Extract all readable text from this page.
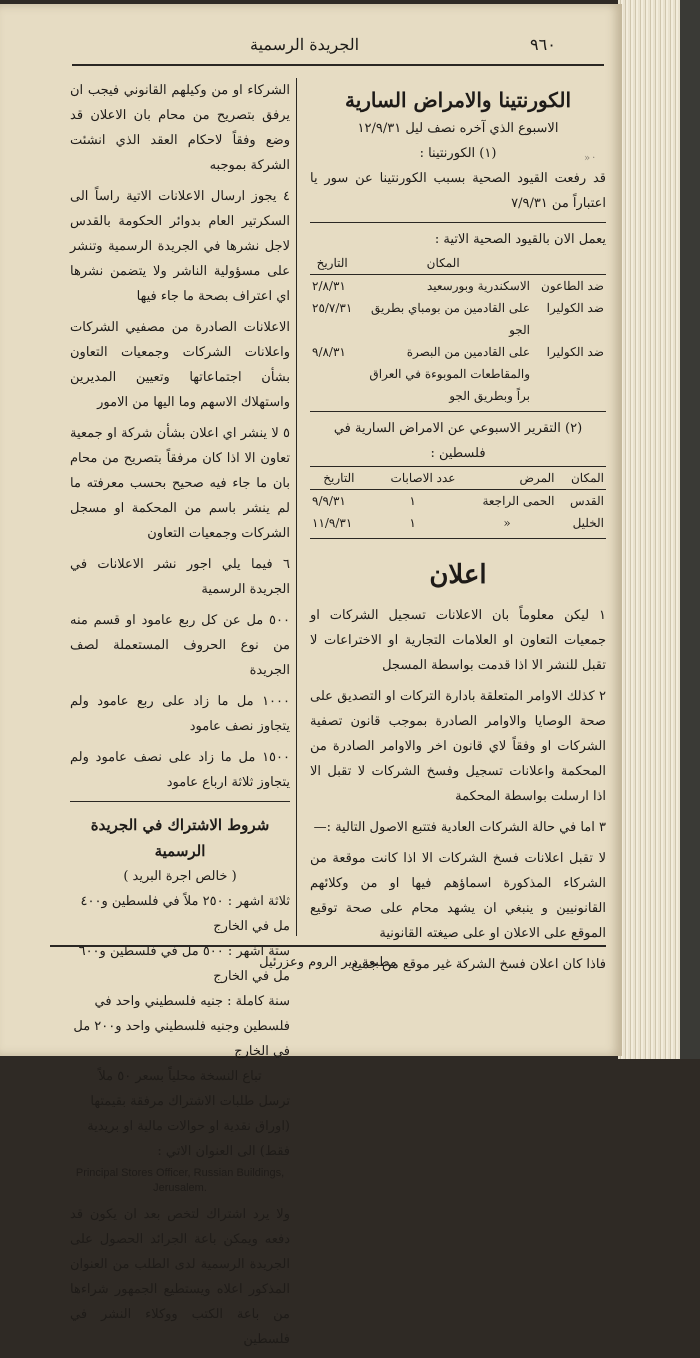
٩٦٠
الجريدة الرسمية
»·
الكورنتينا والامراض السارية
الاسبوع الذي آخره نصف ليل ١٢/٩/٣١
(١) الكورنتينا :
قد رفعت القيود الصحية بسبب الكورنتينا عن سور يا اعتباراً من ٧/٩/٣١
يعمل الان بالقيود الصحية الاتية :
	المكان	التاريخ
ضد الطاعون	الاسكندرية وبورسعيد	٢/٨/٣١
ضد الكوليرا	على القادمين من بومباي بطريق الجو	٢٥/٧/٣١
ضد الكوليرا	على القادمين من البصرة والمقاطعات الموبوءة في العراق براً وبطريق الجو	٩/٨/٣١
(٢) التقرير الاسبوعي عن الامراض السارية في فلسطين :
المكان	المرض	عدد الاصابات	التاريخ
القدس	الحمى الراجعة	١	٩/٩/٣١
الخليل	«	١	١١/٩/٣١
اعلان
١ ليكن معلوماً بان الاعلانات تسجيل الشركات او جمعيات التعاون او العلامات التجارية او الاختراعات لا تقبل للنشر الا اذا قدمت بواسطة المسجل
٢ كذلك الاوامر المتعلقة بادارة التركات او التصديق على صحة الوصايا والاوامر الصادرة بموجب قانون تصفية الشركات او وفقاً لاي قانون اخر والاوامر الصادرة من المحكمة واعلانات تسجيل وفسخ الشركات لا تقبل الا اذا ارسلت بواسطة المحكمة
٣ اما في حالة الشركات العادية فتتبع الاصول التالية :—
لا تقبل اعلانات فسخ الشركات الا اذا كانت موقعة من الشركاء المذكورة اسماؤهم فيها او من وكلائهم القانونيين و ينبغي ان يشهد محام على صحة توقيع الموقع على الاعلان او على صيغته القانونية
فاذا كان اعلان فسخ الشركة غير موقع من جميع
الشركاء او من وكيلهم القانوني فيجب ان يرفق بتصريح من محام بان الاعلان قد وضع وفقاً لاحكام العقد الذي انشئت الشركة بموجبه
٤ يجوز ارسال الاعلانات الاتية راساً الى السكرتير العام بدوائر الحكومة بالقدس لاجل نشرها في الجريدة الرسمية وتنشر على مسؤولية الناشر ولا يتضمن نشرها اي اعتراف بصحة ما جاء فيها
الاعلانات الصادرة من مصفيي الشركات واعلانات الشركات وجمعيات التعاون بشأن اجتماعاتها وتعيين المديرين واستهلاك الاسهم وما اليها من الامور
٥ لا ينشر اي اعلان بشأن شركة او جمعية تعاون الا اذا كان مرفقاً بتصريح من محام بان ما جاء فيه صحيح بحسب معرفته ما لم ينشر باسم من المحكمة او مسجل الشركات وجمعيات التعاون
٦ فيما يلي اجور نشر الاعلانات في الجريدة الرسمية
٥٠٠ مل عن كل ربع عامود او قسم منه من نوع الحروف المستعملة لصف الجريدة
١٠٠٠ مل ما زاد على ربع عامود ولم يتجاوز نصف عامود
١٥٠٠ مل ما زاد على نصف عامود ولم يتجاوز ثلاثة ارباع عامود
شروط الاشتراك في الجريدة الرسمية
( خالص اجرة البريد )
ثلاثة اشهر : ٢٥٠ ملاً في فلسطين و٤٠٠ مل في الخارج
ستة اشهر : ٥٠٠ مل في فلسطين و٦٠٠ مل في الخارج
سنة كاملة : جنيه فلسطيني واحد في فلسطين وجنيه فلسطيني واحد و٢٠٠ مل في الخارج
تباع النسخة محلياً بسعر ٥٠ ملاً
ترسل طلبات الاشتراك مرفقة بقيمتها (اوراق نقدية او حوالات مالية او بريدية فقط) الى العنوان الاتي :
Principal Stores Officer, Russian Buildings, Jerusalem.
ولا يرد اشتراك لتخص بعد ان يكون قد دفعه ويمكن باعة الجرائد الحصول على الجريدة الرسمية لدى الطلب من العنوان المذكور اعلاه ويستطيع الجمهور شراءها من باعة الكتب ووكلاء النشر في فلسطين
مطبعة دير الروم وعزرئيل
